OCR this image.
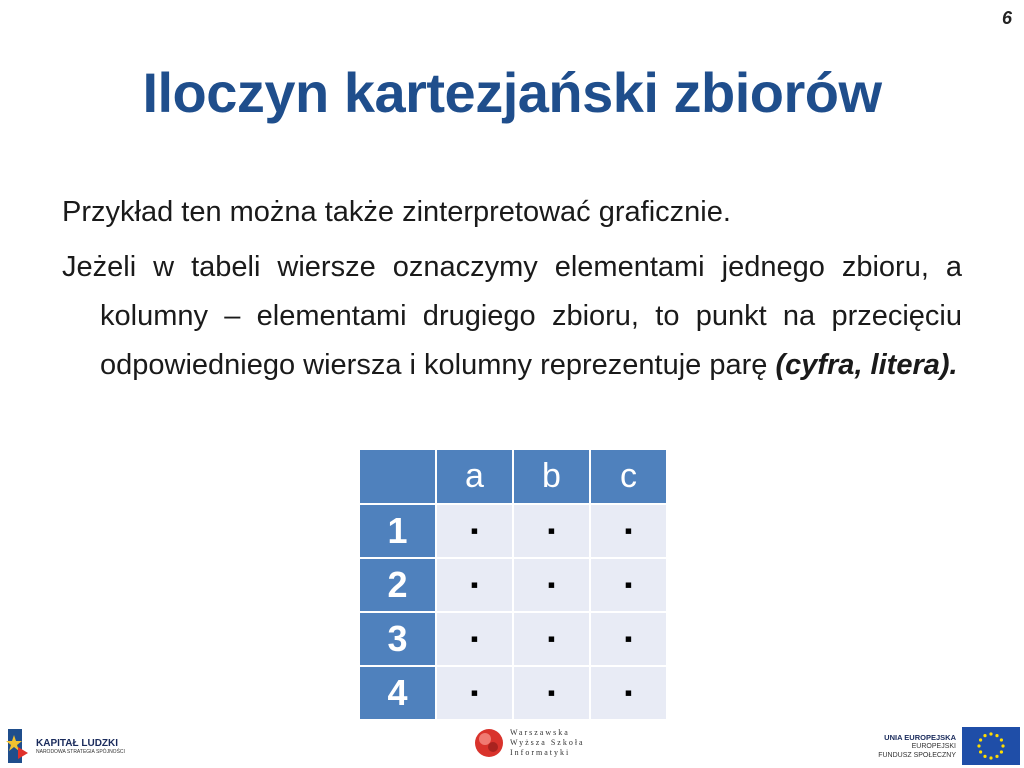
6
Iloczyn kartezjański zbiorów

Przykład ten można także zinterpretować graficznie.

Jeżeli w tabeli wiersze oznaczymy elementami jednego zbioru, a kolumny – elementami drugiego zbioru, to punkt na przecięciu odpowiedniego wiersza i kolumny reprezentuje parę (cyfra, litera).

	a	b	c
1	▪	▪	▪
2	▪	▪	▪
3	▪	▪	▪
4	▪	▪	▪
KAPITAŁ LUDZKI
NARODOWA STRATEGIA SPÓJNOŚCI
Warszawska
Wyższa Szkoła
Informatyki
UNIA EUROPEJSKA
EUROPEJSKI
FUNDUSZ SPOŁECZNY
